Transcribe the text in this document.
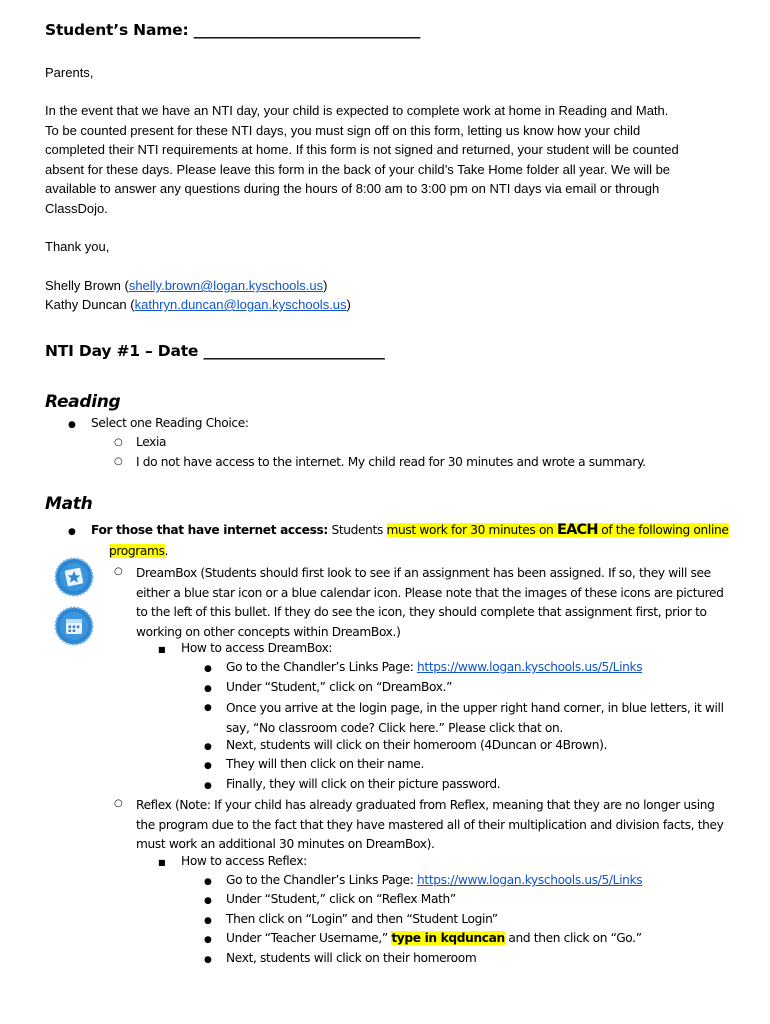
Student’s Name: ______________________________
Parents,
In the event that we have an NTI day, your child is expected to complete work at home in Reading and Math.
To be counted present for these NTI days, you must sign off on this form, letting us know how your child
completed their NTI requirements at home. If this form is not signed and returned, your student will be counted
absent for these days. Please leave this form in the back of your child’s Take Home folder all year. We will be
available to answer any questions during the hours of 8:00 am to 3:00 pm on NTI days via email or through
ClassDojo.
Thank you,
Shelly Brown (shelly.brown@logan.kyschools.us)
Kathy Duncan (kathryn.duncan@logan.kyschools.us)
NTI Day #1 – Date ________________________
Reading
● Select one Reading Choice:
○ Lexia
○ I do not have access to the internet. My child read for 30 minutes and wrote a summary.
Math
● For those that have internet access: Students must work for 30 minutes on EACH of the following online
programs.
○ DreamBox (Students should first look to see if an assignment has been assigned. If so, they will see
either a blue star icon or a blue calendar icon. Please note that the images of these icons are pictured
to the left of this bullet. If they do see the icon, they should complete that assignment first, prior to
working on other concepts within DreamBox.)
■ How to access DreamBox:
● Go to the Chandler’s Links Page: https://www.logan.kyschools.us/5/Links
● Under “Student,” click on “DreamBox.”
● Once you arrive at the login page, in the upper right hand corner, in blue letters, it will
say, “No classroom code? Click here.” Please click that on.
● Next, students will click on their homeroom (4Duncan or 4Brown).
● They will then click on their name.
● Finally, they will click on their picture password.
○ Reflex (Note: If your child has already graduated from Reflex, meaning that they are no longer using
the program due to the fact that they have mastered all of their multiplication and division facts, they
must work an additional 30 minutes on DreamBox).
■ How to access Reflex:
● Go to the Chandler’s Links Page: https://www.logan.kyschools.us/5/Links
● Under “Student,” click on “Reflex Math”
● Then click on “Login” and then “Student Login”
● Under “Teacher Username,” type in kqduncan and then click on “Go.”
● Next, students will click on their homeroom
